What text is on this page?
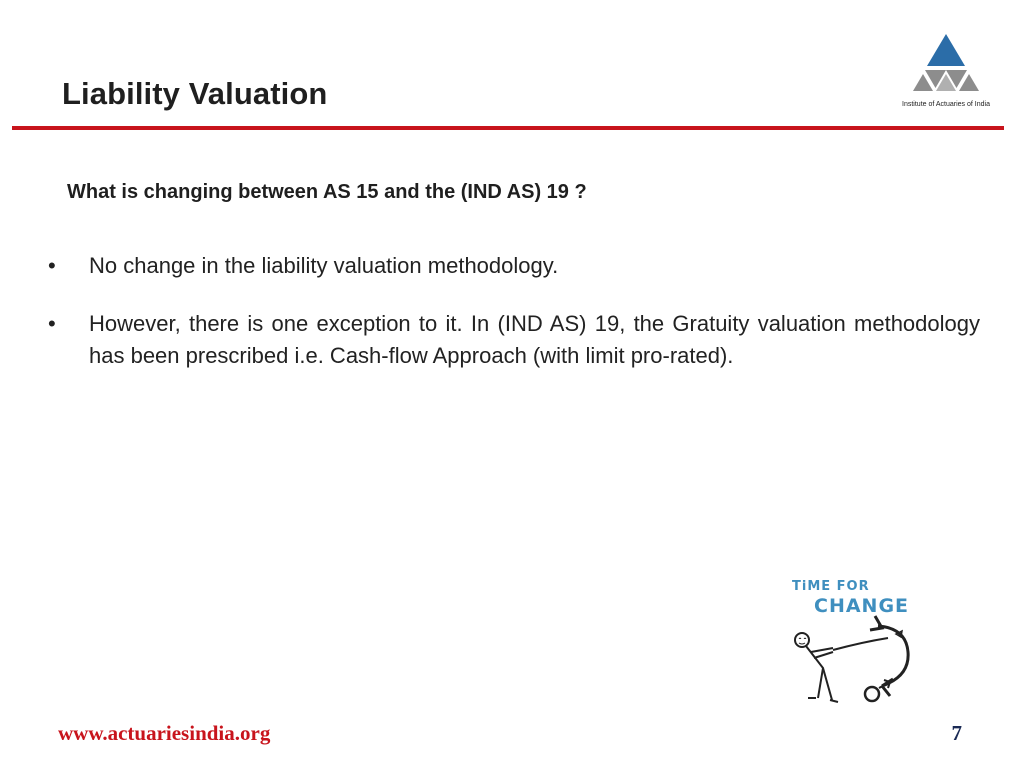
Liability Valuation	Institute of Actuaries of India
What is changing between AS 15 and the (IND AS) 19 ?
•	No change in the liability valuation methodology.
•	However, there is one exception to it. In (IND AS) 19, the Gratuity valuation methodology has been prescribed i.e. Cash-flow Approach (with limit pro-rated).
TiME FOR
CHANGE
www.actuariesindia.org	7
